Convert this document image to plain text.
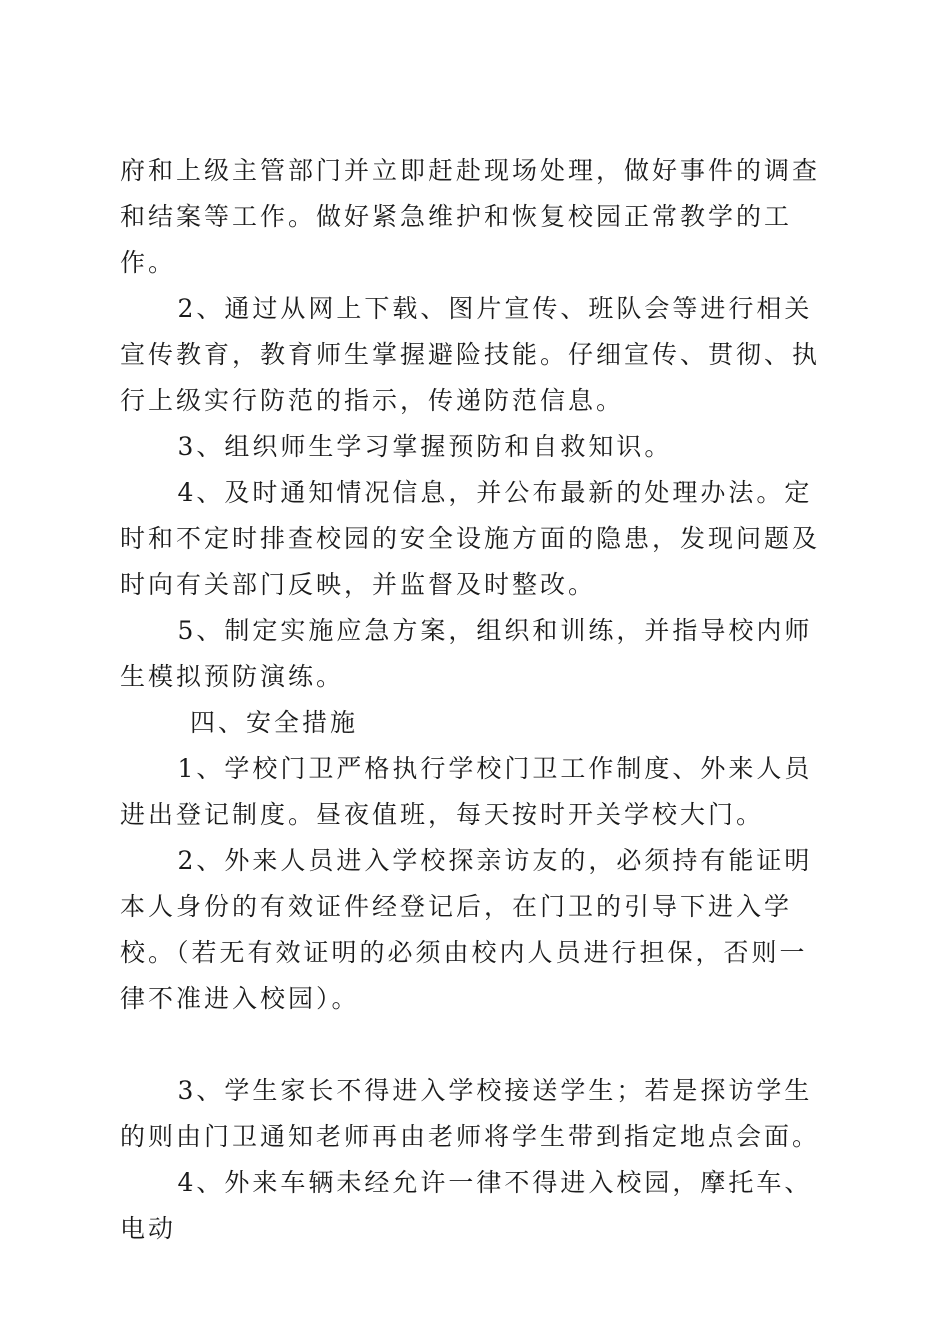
府和上级主管部门并立即赶赴现场处理，做好事件的调查和结案等工作。做好紧急维护和恢复校园正常教学的工作。

2、通过从网上下载、图片宣传、班队会等进行相关宣传教育，教育师生掌握避险技能。仔细宣传、贯彻、执行上级实行防范的指示，传递防范信息。

3、组织师生学习掌握预防和自救知识。

4、及时通知情况信息，并公布最新的处理办法。定时和不定时排查校园的安全设施方面的隐患，发现问题及时向有关部门反映，并监督及时整改。

5、制定实施应急方案，组织和训练，并指导校内师生模拟预防演练。

四、安全措施

1、学校门卫严格执行学校门卫工作制度、外来人员进出登记制度。昼夜值班，每天按时开关学校大门。

2、外来人员进入学校探亲访友的，必须持有能证明本人身份的有效证件经登记后，在门卫的引导下进入学校。（若无有效证明的必须由校内人员进行担保，否则一律不准进入校园）。

3、学生家长不得进入学校接送学生；若是探访学生的则由门卫通知老师再由老师将学生带到指定地点会面。

4、外来车辆未经允许一律不得进入校园，摩托车、电动
